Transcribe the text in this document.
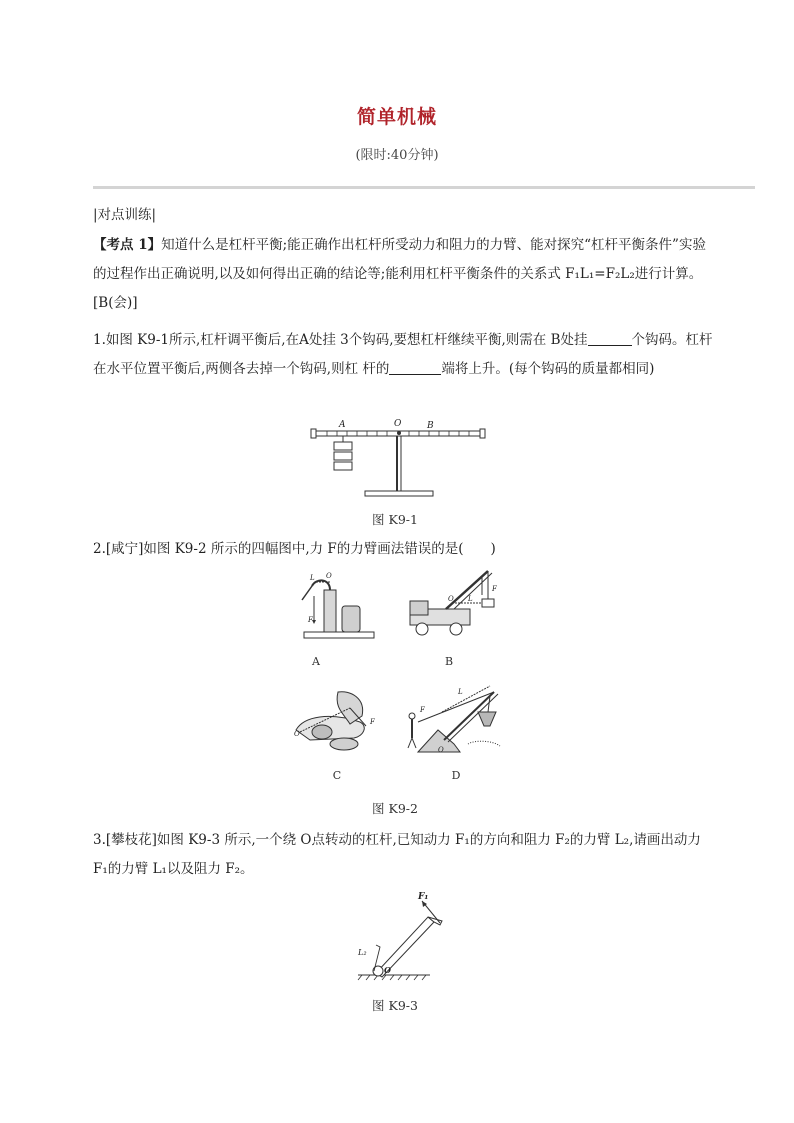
简单机械
(限时:40分钟)
|对点训练|
【考点 1】知道什么是杠杆平衡;能正确作出杠杆所受动力和阻力的力臂、能对探究“杠杆平衡条件”实验的过程作出正确说明,以及如何得出正确的结论等;能利用杠杆平衡条件的关系式 F₁L₁=F₂L₂进行计算。[B(会)]
1.如图 K9-1所示,杠杆调平衡后,在A处挂 3个钩码,要想杠杆继续平衡,则需在 B处挂	个钩码。杠杆在水平位置平衡后,两侧各去掉一个钩码,则杠 杆的	端将上升。(每个钩码的质量都相同)
A	O	B
图 K9-1
2.[咸宁]如图 K9-2 所示的四幅图中,力 F的力臂画法错误的是(　　)
O
L
F
A
O L
F
B
O
F
C
F
L
O
D
图 K9-2
3.[攀枝花]如图 K9-3 所示,一个绕 O点转动的杠杆,已知动力 F₁的方向和阻力 F₂的力臂 L₂,请画出动力 F₁的力臂 L₁以及阻力 F₂。
F₁
L₂
O
图 K9-3
